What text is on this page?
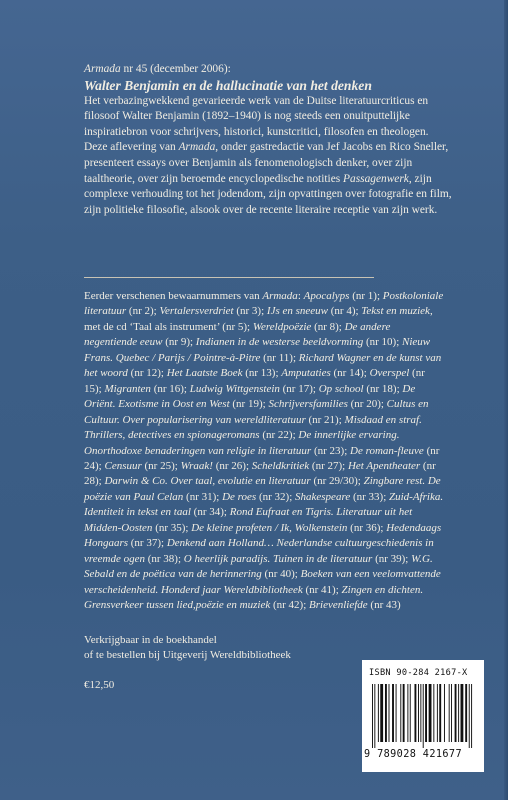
Armada nr 45 (december 2006):
Walter Benjamin en de hallucinatie van het denken
Het verbazingwekkend gevarieerde werk van de Duitse literatuurcriticus en filosoof Walter Benjamin (1892–1940) is nog steeds een onuitputtelijke inspiratiebron voor schrijvers, historici, kunstcritici, filosofen en theologen. Deze aflevering van Armada, onder gastredactie van Jef Jacobs en Rico Sneller, presenteert essays over Benjamin als fenomenologisch denker, over zijn taaltheorie, over zijn beroemde encyclopedische notities Passagenwerk, zijn complexe verhouding tot het jodendom, zijn opvattingen over fotografie en film, zijn politieke filosofie, alsook over de recente literaire receptie van zijn werk.
Eerder verschenen bewaarnummers van Armada: Apocalyps (nr 1); Postkoloniale literatuur (nr 2); Vertalersverdriet (nr 3); IJs en sneeuw (nr 4); Tekst en muziek, met de cd ‘Taal als instrument’ (nr 5); Wereldpoëzie (nr 8); De andere negentiende eeuw (nr 9); Indianen in de westerse beeldvorming (nr 10); Nieuw Frans. Quebec / Parijs / Pointre-à-Pitre (nr 11); Richard Wagner en de kunst van het woord (nr 12); Het Laatste Boek (nr 13); Amputaties (nr 14); Overspel (nr 15); Migranten (nr 16); Ludwig Wittgenstein (nr 17); Op school (nr 18); De Oriënt. Exotisme in Oost en West (nr 19); Schrijversfamilies (nr 20); Cultus en Cultuur. Over popularisering van wereldliteratuur (nr 21); Misdaad en straf. Thrillers, detectives en spionageromans (nr 22); De innerlijke ervaring. Onorthodoxe benaderingen van religie in literatuur (nr 23); De roman-fleuve (nr 24); Censuur (nr 25); Wraak! (nr 26); Scheldkritiek (nr 27); Het Apentheater (nr 28); Darwin & Co. Over taal, evolutie en literatuur (nr 29/30); Zingbare rest. De poëzie van Paul Celan (nr 31); De roes (nr 32); Shakespeare (nr 33); Zuid-Afrika. Identiteit in tekst en taal (nr 34); Rond Eufraat en Tigris. Literatuur uit het Midden-Oosten (nr 35); De kleine profeten / Ik, Wolkenstein (nr 36); Hedendaags Hongaars (nr 37); Denkend aan Holland… Nederlandse cultuurgeschiedenis in vreemde ogen (nr 38); O heerlijk paradijs. Tuinen in de literatuur (nr 39); W.G. Sebald en de poëtica van de herinnering (nr 40); Boeken van een veelomvattende verscheidenheid. Honderd jaar Wereldbibliotheek (nr 41); Zingen en dichten. Grensverkeer tussen lied,poëzie en muziek (nr 42); Brievenliefde (nr 43)
Verkrijgbaar in de boekhandel
of te bestellen bij Uitgeverij Wereldbibliotheek
€12,50
ISBN 90-284 2167-X
9 789028 421677
